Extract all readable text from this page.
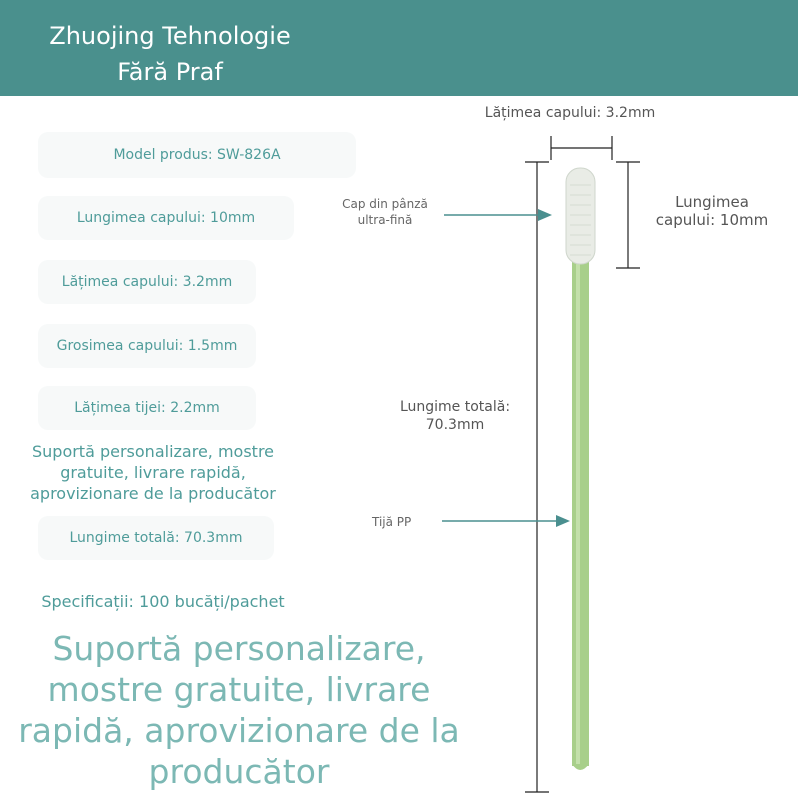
Zhuojing Tehnologie
Fără Praf
Model produs: SW-826A
Lungimea capului: 10mm
Lățimea capului: 3.2mm
Grosimea capului: 1.5mm
Lățimea tijei: 2.2mm
Suportă personalizare, mostre gratuite, livrare rapidă, aprovizionare de la producător
Lungime totală: 70.3mm
Specificații: 100 bucăți/pachet
Suportă personalizare, mostre gratuite, livrare rapidă, aprovizionare de la producător
Lățimea capului: 3.2mm
Cap din pânză ultra-fină
Lungimea capului: 10mm
Lungime totală: 70.3mm
Tijă PP
